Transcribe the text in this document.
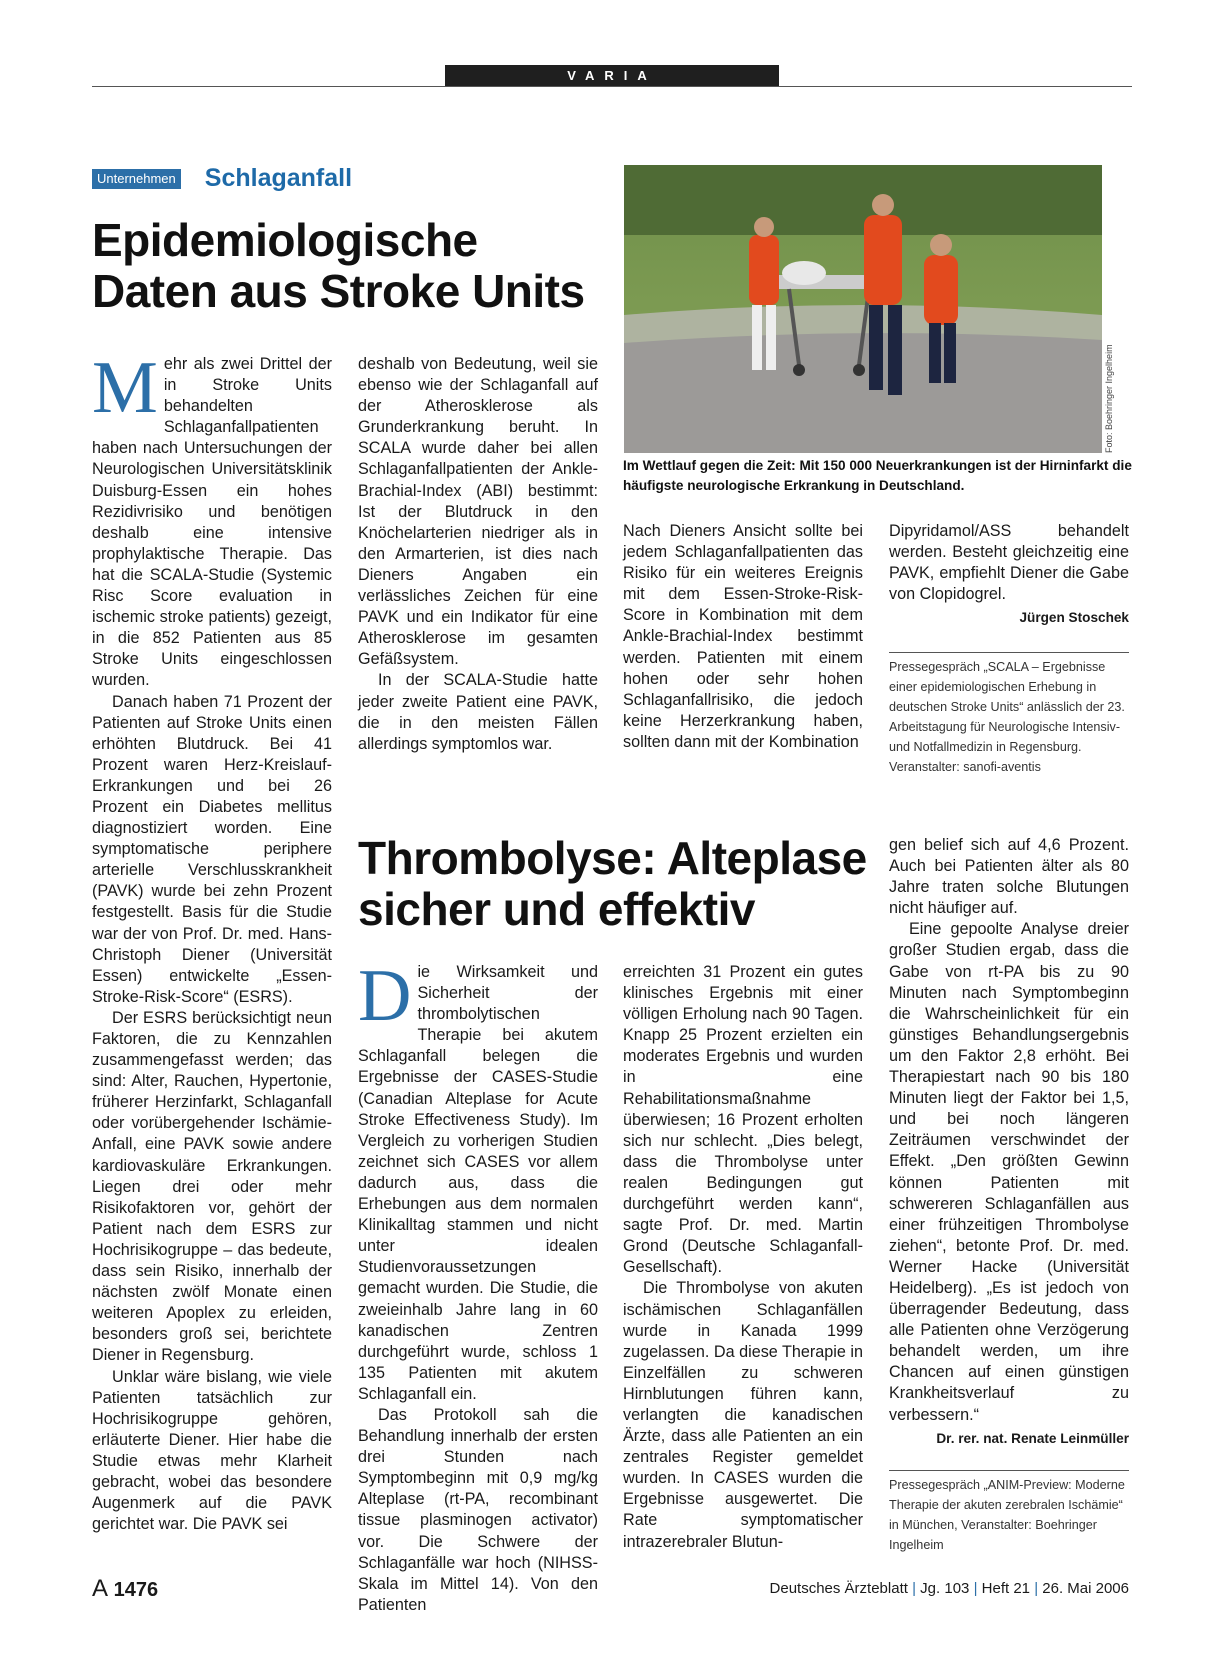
VARIA
Unternehmen Schlaganfall
Epidemiologische Daten aus Stroke Units

Mehr als zwei Drittel der in Stroke Units behandelten Schlaganfallpatienten haben nach Untersuchungen der Neurologischen Universitätsklinik Duisburg-Essen ein hohes Rezidivrisiko und benötigen deshalb eine intensive prophylaktische Therapie. Das hat die SCALA-Studie (Systemic Risc Score evaluation in ischemic stroke patients) gezeigt, in die 852 Patienten aus 85 Stroke Units eingeschlossen wurden.

Danach haben 71 Prozent der Patienten auf Stroke Units einen erhöhten Blutdruck. Bei 41 Prozent waren Herz-Kreislauf-Erkrankungen und bei 26 Prozent ein Diabetes mellitus diagnostiziert worden. Eine symptomatische periphere arterielle Verschlusskrankheit (PAVK) wurde bei zehn Prozent festgestellt. Basis für die Studie war der von Prof. Dr. med. Hans-Christoph Diener (Universität Essen) entwickelte „Essen-Stroke-Risk-Score“ (ESRS).

Der ESRS berücksichtigt neun Faktoren, die zu Kennzahlen zusammengefasst werden; das sind: Alter, Rauchen, Hypertonie, früherer Herzinfarkt, Schlaganfall oder vorübergehender Ischämie-Anfall, eine PAVK sowie andere kardiovaskuläre Erkrankungen. Liegen drei oder mehr Risikofaktoren vor, gehört der Patient nach dem ESRS zur Hochrisikogruppe – das bedeute, dass sein Risiko, innerhalb der nächsten zwölf Monate einen weiteren Apoplex zu erleiden, besonders groß sei, berichtete Diener in Regensburg.

Unklar wäre bislang, wie viele Patienten tatsächlich zur Hochrisikogruppe gehören, erläuterte Diener. Hier habe die Studie etwas mehr Klarheit gebracht, wobei das besondere Augenmerk auf die PAVK gerichtet war. Die PAVK sei

deshalb von Bedeutung, weil sie ebenso wie der Schlaganfall auf der Atherosklerose als Grunderkrankung beruht. In SCALA wurde daher bei allen Schlaganfallpatienten der Ankle-Brachial-Index (ABI) bestimmt: Ist der Blutdruck in den Knöchelarterien niedriger als in den Armarterien, ist dies nach Dieners Angaben ein verlässliches Zeichen für eine PAVK und ein Indikator für eine Atherosklerose im gesamten Gefäßsystem.

In der SCALA-Studie hatte jeder zweite Patient eine PAVK, die in den meisten Fällen allerdings symptomlos war.

Foto: Boehringer Ingelheim
Im Wettlauf gegen die Zeit: Mit 150 000 Neuerkrankungen ist der Hirninfarkt die häufigste neurologische Erkrankung in Deutschland.

Nach Dieners Ansicht sollte bei jedem Schlaganfallpatienten das Risiko für ein weiteres Ereignis mit dem Essen-Stroke-Risk-Score in Kombination mit dem Ankle-Brachial-Index bestimmt werden. Patienten mit einem hohen oder sehr hohen Schlaganfallrisiko, die jedoch keine Herzerkrankung haben, sollten dann mit der Kombination

Dipyridamol/ASS behandelt werden. Besteht gleichzeitig eine PAVK, empfiehlt Diener die Gabe von Clopidogrel.

Jürgen Stoschek
Pressegespräch „SCALA – Ergebnisse einer epidemiologischen Erhebung in deutschen Stroke Units“ anlässlich der 23. Arbeitstagung für Neurologische Intensiv- und Notfallmedizin in Regensburg. Veranstalter: sanofi-aventis
Thrombolyse: Alteplase sicher und effektiv

Die Wirksamkeit und Sicherheit der thrombolytischen Therapie bei akutem Schlaganfall belegen die Ergebnisse der CASES-Studie (Canadian Alteplase for Acute Stroke Effectiveness Study). Im Vergleich zu vorherigen Studien zeichnet sich CASES vor allem dadurch aus, dass die Erhebungen aus dem normalen Klinikalltag stammen und nicht unter idealen Studienvoraussetzungen gemacht wurden. Die Studie, die zweieinhalb Jahre lang in 60 kanadischen Zentren durchgeführt wurde, schloss 1 135 Patienten mit akutem Schlaganfall ein.

Das Protokoll sah die Behandlung innerhalb der ersten drei Stunden nach Symptombeginn mit 0,9 mg/kg Alteplase (rt-PA, recombinant tissue plasminogen activator) vor. Die Schwere der Schlaganfälle war hoch (NIHSS-Skala im Mittel 14). Von den Patienten

erreichten 31 Prozent ein gutes klinisches Ergebnis mit einer völligen Erholung nach 90 Tagen. Knapp 25 Prozent erzielten ein moderates Ergebnis und wurden in eine Rehabilitationsmaßnahme überwiesen; 16 Prozent erholten sich nur schlecht. „Dies belegt, dass die Thrombolyse unter realen Bedingungen gut durchgeführt werden kann“, sagte Prof. Dr. med. Martin Grond (Deutsche Schlaganfall-Gesellschaft).

Die Thrombolyse von akuten ischämischen Schlaganfällen wurde in Kanada 1999 zugelassen. Da diese Therapie in Einzelfällen zu schweren Hirnblutungen führen kann, verlangten die kanadischen Ärzte, dass alle Patienten an ein zentrales Register gemeldet wurden. In CASES wurden die Ergebnisse ausgewertet. Die Rate symptomatischer intrazerebraler Blutun-

gen belief sich auf 4,6 Prozent. Auch bei Patienten älter als 80 Jahre traten solche Blutungen nicht häufiger auf.

Eine gepoolte Analyse dreier großer Studien ergab, dass die Gabe von rt-PA bis zu 90 Minuten nach Symptombeginn die Wahrscheinlichkeit für ein günstiges Behandlungsergebnis um den Faktor 2,8 erhöht. Bei Therapiestart nach 90 bis 180 Minuten liegt der Faktor bei 1,5, und bei noch längeren Zeiträumen verschwindet der Effekt. „Den größten Gewinn können Patienten mit schwereren Schlaganfällen aus einer frühzeitigen Thrombolyse ziehen“, betonte Prof. Dr. med. Werner Hacke (Universität Heidelberg). „Es ist jedoch von überragender Bedeutung, dass alle Patienten ohne Verzögerung behandelt werden, um ihre Chancen auf einen günstigen Krankheitsverlauf zu verbessern.“

Dr. rer. nat. Renate Leinmüller
Pressegespräch „ANIM-Preview: Moderne Therapie der akuten zerebralen Ischämie“ in München, Veranstalter: Boehringer Ingelheim
A 1476	Deutsches Ärzteblatt | Jg. 103 | Heft 21 | 26. Mai 2006
